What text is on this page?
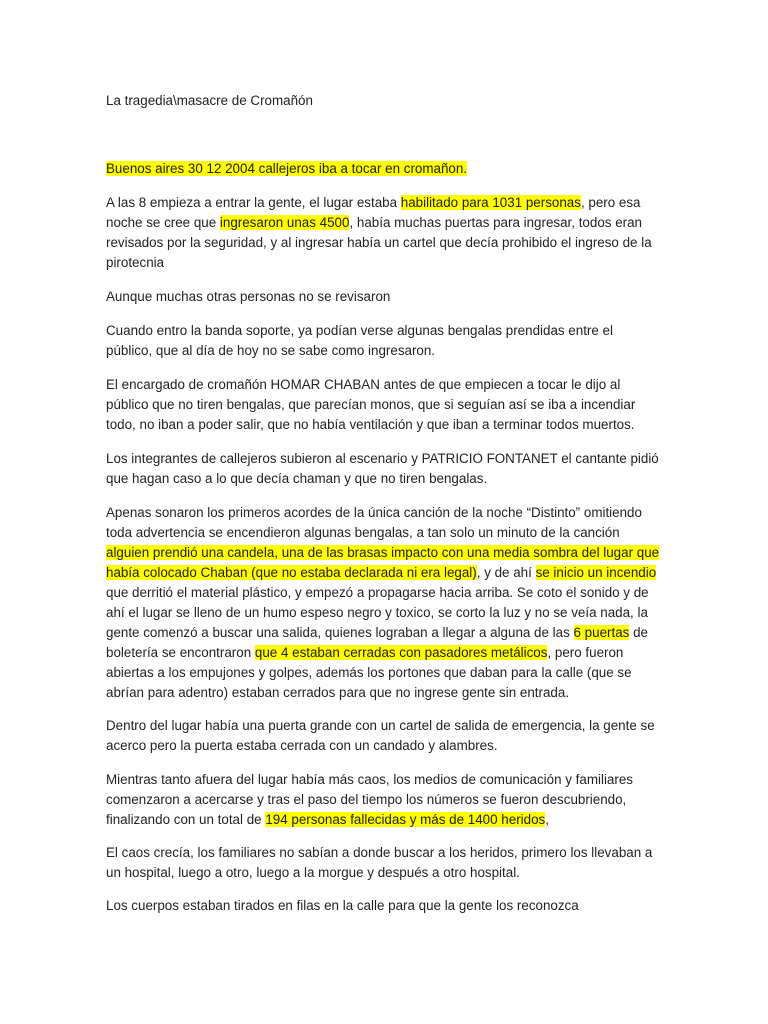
La tragedia\masacre de Cromañón

Buenos aires 30 12 2004 callejeros iba a tocar en cromañon.

A las 8 empieza a entrar la gente, el lugar estaba habilitado para 1031 personas, pero esa noche se cree que ingresaron unas 4500, había muchas puertas para ingresar, todos eran revisados por la seguridad, y al ingresar había un cartel que decía prohibido el ingreso de la pirotecnia

Aunque muchas otras personas no se revisaron

Cuando entro la banda soporte, ya podían verse algunas bengalas prendidas entre el público, que al día de hoy no se sabe como ingresaron.

El encargado de cromañón HOMAR CHABAN antes de que empiecen a tocar le dijo al público que no tiren bengalas, que parecían monos, que si seguían así se iba a incendiar todo, no iban a poder salir, que no había ventilación y que iban a terminar todos muertos.

Los integrantes de callejeros subieron al escenario y PATRICIO FONTANET el cantante pidió que hagan caso a lo que decía chaman y que no tiren bengalas.

Apenas sonaron los primeros acordes de la única canción de la noche “Distinto” omitiendo toda advertencia se encendieron algunas bengalas, a tan solo un minuto de la canción alguien prendió una candela, una de las brasas impacto con una media sombra del lugar que había colocado Chaban (que no estaba declarada ni era legal), y de ahí se inicio un incendio que derritió el material plástico, y empezó a propagarse hacia arriba. Se coto el sonido y de ahí el lugar se lleno de un humo espeso negro y toxico, se corto la luz y no se veía nada, la gente comenzó a buscar una salida, quienes lograban a llegar a alguna de las 6 puertas de boletería se encontraron que 4 estaban cerradas con pasadores metálicos, pero fueron abiertas a los empujones y golpes, además los portones que daban para la calle (que se abrían para adentro) estaban cerrados para que no ingrese gente sin entrada.

Dentro del lugar había una puerta grande con un cartel de salida de emergencia, la gente se acerco pero la puerta estaba cerrada con un candado y alambres.

Mientras tanto afuera del lugar había más caos, los medios de comunicación y familiares comenzaron a acercarse y tras el paso del tiempo los números se fueron descubriendo, finalizando con un total de 194 personas fallecidas y más de 1400 heridos,

El caos crecía, los familiares no sabían a donde buscar a los heridos, primero los llevaban a un hospital, luego a otro, luego a la morgue y después a otro hospital.

Los cuerpos estaban tirados en filas en la calle para que la gente los reconozca
